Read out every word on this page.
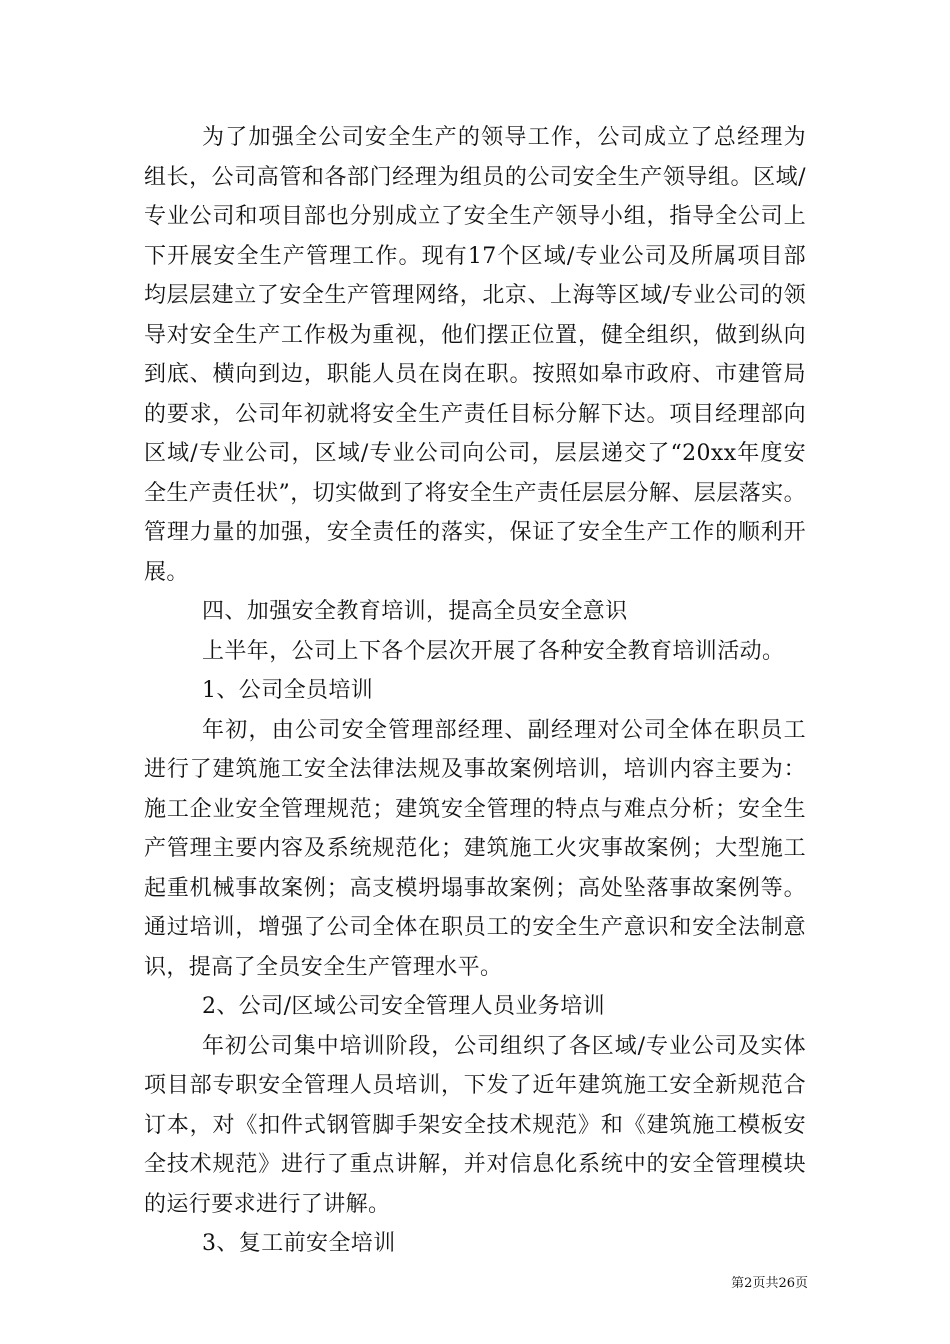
为了加强全公司安全生产的领导工作，公司成立了总经理为组长，公司高管和各部门经理为组员的公司安全生产领导组。区域/专业公司和项目部也分别成立了安全生产领导小组，指导全公司上下开展安全生产管理工作。现有17个区域/专业公司及所属项目部均层层建立了安全生产管理网络，北京、上海等区域/专业公司的领导对安全生产工作极为重视，他们摆正位置，健全组织，做到纵向到底、横向到边，职能人员在岗在职。按照如皋市政府、市建管局的要求，公司年初就将安全生产责任目标分解下达。项目经理部向区域/专业公司，区域/专业公司向公司，层层递交了“20xx年度安全生产责任状”，切实做到了将安全生产责任层层分解、层层落实。管理力量的加强，安全责任的落实，保证了安全生产工作的顺利开展。

四、加强安全教育培训，提高全员安全意识

上半年，公司上下各个层次开展了各种安全教育培训活动。

1、公司全员培训

年初，由公司安全管理部经理、副经理对公司全体在职员工进行了建筑施工安全法律法规及事故案例培训，培训内容主要为：施工企业安全管理规范；建筑安全管理的特点与难点分析；安全生产管理主要内容及系统规范化；建筑施工火灾事故案例；大型施工起重机械事故案例；高支模坍塌事故案例；高处坠落事故案例等。通过培训，增强了公司全体在职员工的安全生产意识和安全法制意识，提高了全员安全生产管理水平。

2、公司/区域公司安全管理人员业务培训

年初公司集中培训阶段，公司组织了各区域/专业公司及实体项目部专职安全管理人员培训，下发了近年建筑施工安全新规范合订本，对《扣件式钢管脚手架安全技术规范》和《建筑施工模板安全技术规范》进行了重点讲解，并对信息化系统中的安全管理模块的运行要求进行了讲解。

3、复工前安全培训

第2页共26页
